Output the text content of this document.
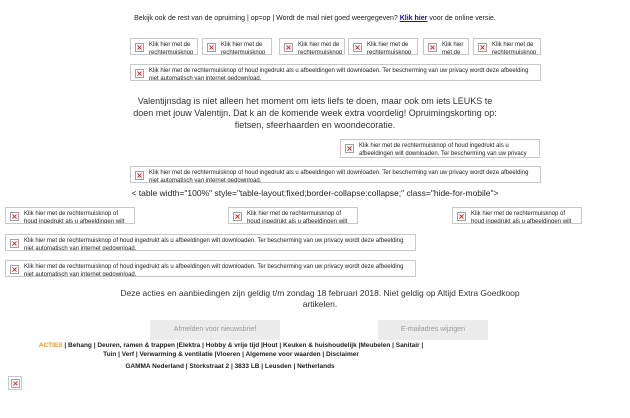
Bekijk ook de rest van de opruiming | op=op | Wordt de mail niet goed weergegeven? Klik hier voor de online versie.
× Klik hier met de rechtermuisknop
× Klik hier met de rechtermuisknop
× Klik hier met de rechtermuisknop
× Klik hier met de rechtermuisknop
× Klik hier met de
× Klik hier met de rechtermuisknop
× Klik hier met de rechtermuisknop of houd ingedrukt als u afbeeldingen wilt downloaden. Ter bescherming van uw privacy wordt deze afbeelding niet automatisch van internet gedownload.
Valentijnsdag is niet alleen het moment om iets liefs te doen, maar ook om iets LEUKS te doen met jouw Valentijn. Dat k an de komende week extra voordelig! Opruimingskorting op: fietsen, sfeerhaarden en woondecoratie.
× Klik hier met de rechtermuisknop of houd ingedrukt als u afbeeldingen wilt downloaden. Ter bescherming van uw privacy
× Klik hier met de rechtermuisknop of houd ingedrukt als u afbeeldingen wilt downloaden. Ter bescherming van uw privacy wordt deze afbeelding niet automatisch van internet gedownload.
< table width="100%" style="table-layout:fixed;border-collapse:collapse;" class="hide-for-mobile">
× Klik hier met de rechtermuisknop of houd ingedrukt als u afbeeldingen wilt
× Klik hier met de rechtermuisknop of houd ingedrukt als u afbeeldingen wilt
× Klik hier met de rechtermuisknop of houd ingedrukt als u afbeeldingen wilt
× Klik hier met de rechtermuisknop of houd ingedrukt als u afbeeldingen wilt downloaden. Ter bescherming van uw privacy wordt deze afbeelding niet automatisch van internet gedownload.
× Klik hier met de rechtermuisknop of houd ingedrukt als u afbeeldingen wilt downloaden. Ter bescherming van uw privacy wordt deze afbeelding niet automatisch van internet gedownload.
Deze acties en aanbiedingen zijn geldig t/m zondag 18 februari 2018. Niet geldig op Altijd Extra Goedkoop artikelen.
Afmelden voor nieuwsbrief	E-mailadres wijzigen
ACTIES | Behang | Deuren, ramen & trappen |Elektra | Hobby & vrije tijd |Hout | Keuken & huishoudelijk |Meubelen | Sanitair |
Tuin | Verf | Verwarming & ventilatie |Vloeren | Algemene voor waarden | Disclaimer
GAMMA Nederland | Storkstraat 2 | 3833 LB | Leusden | Netherlands
×
